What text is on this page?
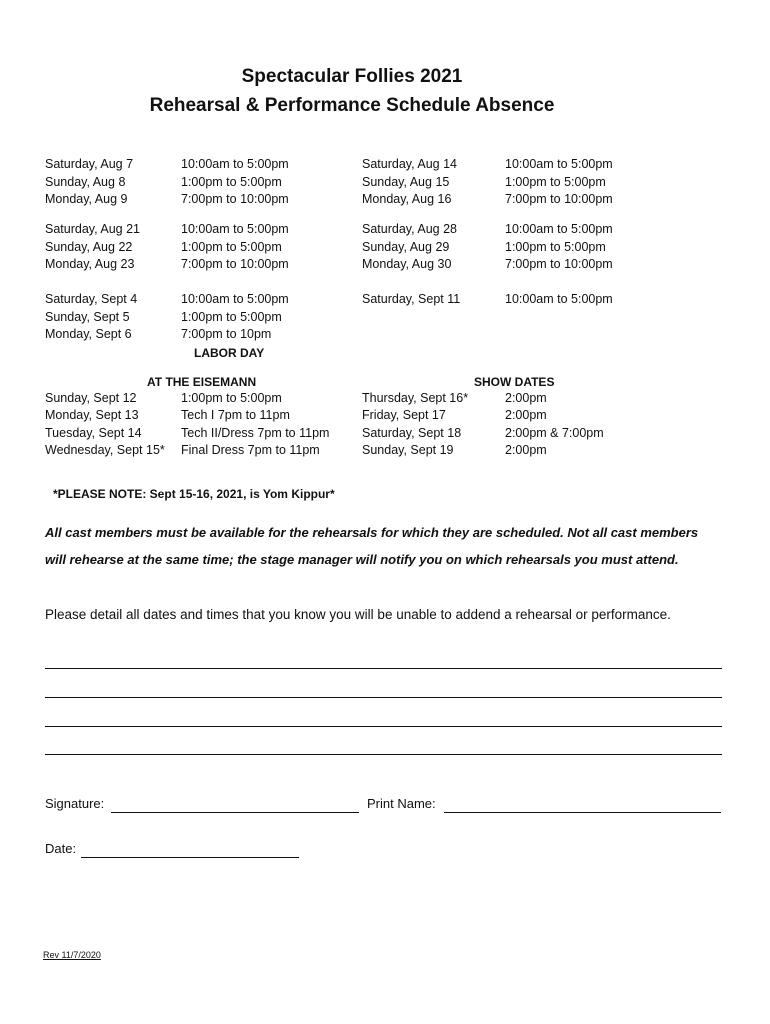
Spectacular Follies 2021
Rehearsal & Performance Schedule Absence
Saturday, Aug 7	10:00am to 5:00pm
Sunday, Aug 8	1:00pm to 5:00pm
Monday, Aug 9	7:00pm to 10:00pm
Saturday, Aug 21	10:00am to 5:00pm
Sunday, Aug 22	1:00pm to 5:00pm
Monday, Aug 23	7:00pm to 10:00pm
Saturday, Sept 4	10:00am to 5:00pm
Sunday, Sept 5	1:00pm to 5:00pm
Monday, Sept 6	7:00pm to 10pm
LABOR DAY
Saturday, Aug 14	10:00am to 5:00pm
Sunday, Aug 15	1:00pm to 5:00pm
Monday, Aug 16	7:00pm to 10:00pm
Saturday, Aug 28	10:00am to 5:00pm
Sunday, Aug 29	1:00pm to 5:00pm
Monday, Aug 30	7:00pm to 10:00pm
Saturday, Sept 11	10:00am to 5:00pm
AT THE EISEMANN
Sunday, Sept 12	1:00pm to 5:00pm
Monday, Sept 13	Tech I 7pm to 11pm
Tuesday, Sept 14	Tech II/Dress 7pm to 11pm
Wednesday, Sept 15* Final Dress 7pm to 11pm
SHOW DATES
Thursday, Sept 16*	2:00pm
Friday, Sept 17	2:00pm
Saturday, Sept 18	2:00pm & 7:00pm
Sunday, Sept 19	2:00pm
*PLEASE NOTE: Sept 15-16, 2021, is Yom Kippur*
All cast members must be available for the rehearsals for which they are scheduled. Not all cast members
will rehearse at the same time; the stage manager will notify you on which rehearsals you must attend.
Please detail all dates and times that you know you will be unable to addend a rehearsal or performance.
Signature:	Print Name:
Date:
Rev 11/7/2020
